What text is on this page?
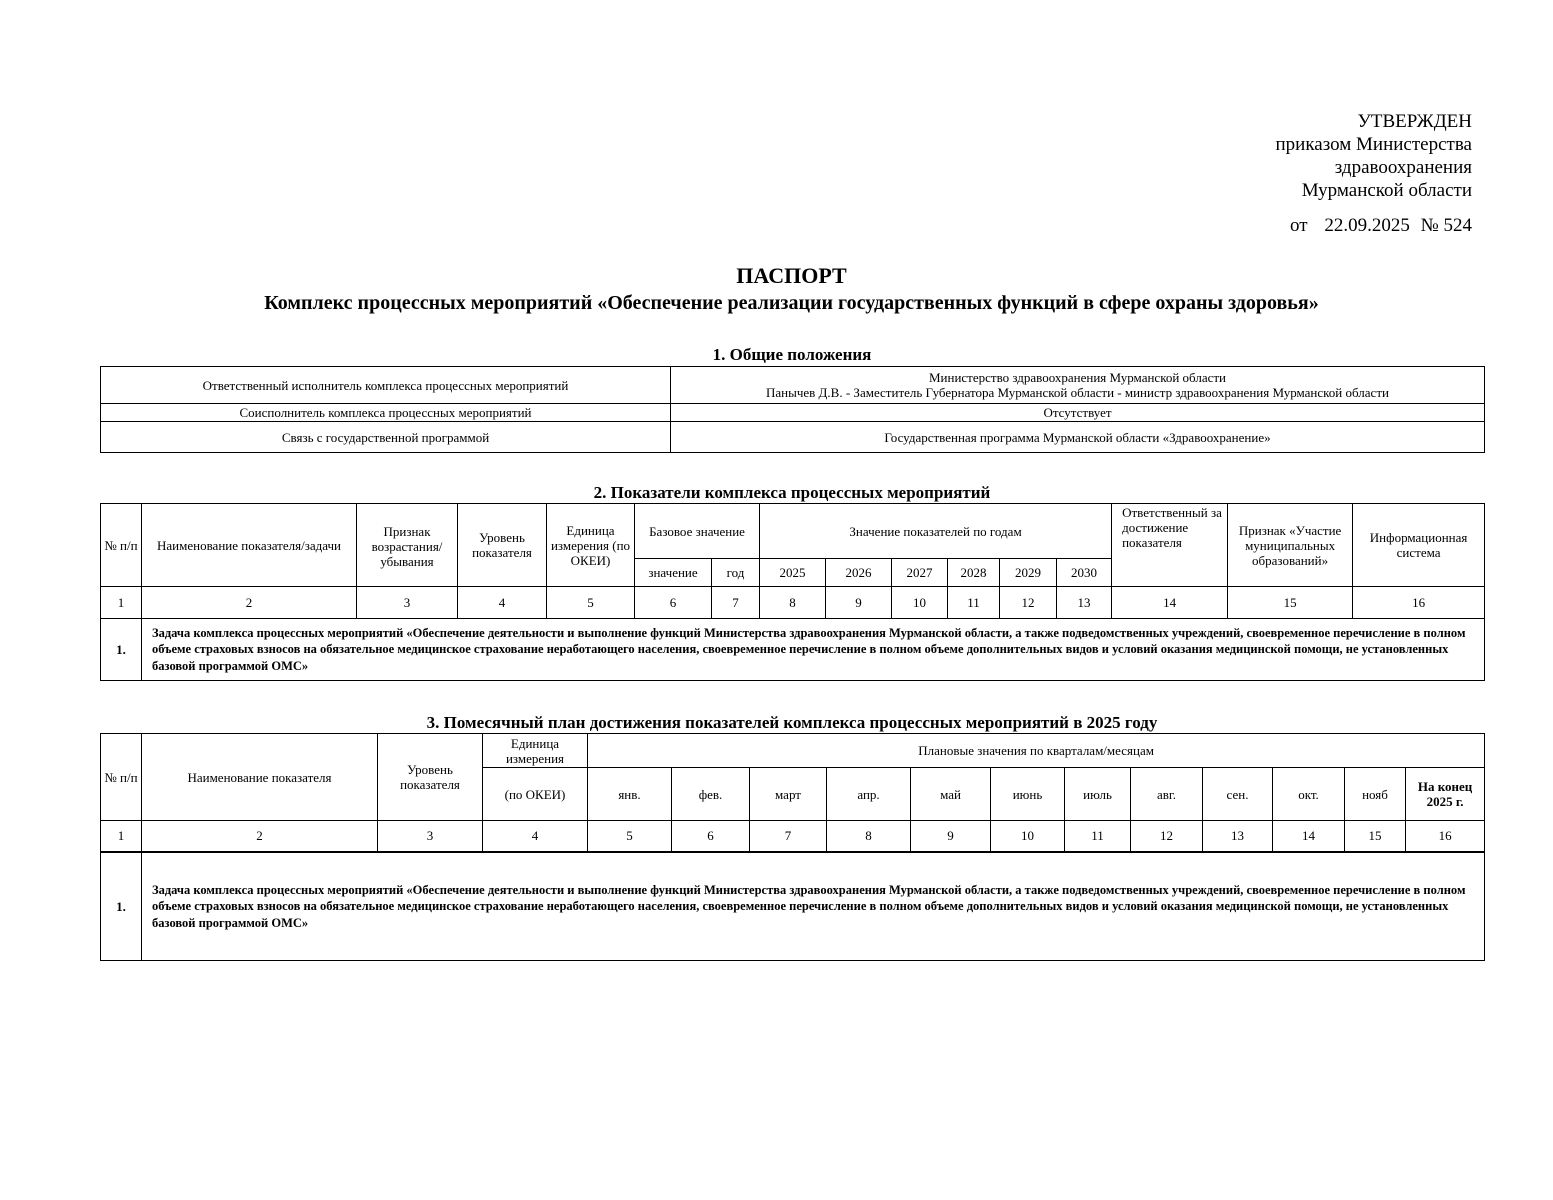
УТВЕРЖДЕН
приказом Министерства
здравоохранения
Мурманской области
от 22.09.2025 № 524
ПАСПОРТ
Комплекс процессных мероприятий «Обеспечение реализации государственных функций в сфере охраны здоровья»
1. Общие положения
Ответственный исполнитель комплекса процессных мероприятий	Министерство здравоохранения Мурманской области
Панычев Д.В. - Заместитель Губернатора Мурманской области - министр здравоохранения Мурманской области

Соисполнитель комплекса процессных мероприятий	Отсутствует
Связь с государственной программой	Государственная программа Мурманской области «Здравоохранение»
2. Показатели комплекса процессных мероприятий
№ п/п	Наименование показателя/задачи	Признак возрастания/ убывания	Уровень показателя	Единица измерения (по ОКЕИ)	Базовое значение		Значение показателей по годам						Ответственный за достижение показателя	Признак «Участие муниципальных образований»	Информационная система
					значение	год	2025	2026	2027	2028	2029	2030			
1	2	3	4	5	6	7	8	9	10	11	12	13	14	15	16
1.	Задача комплекса процессных мероприятий «Обеспечение деятельности и выполнение функций Министерства здравоохранения Мурманской области, а также подведомственных учреждений, своевременное перечисление в полном объеме страховых взносов на обязательное медицинское страхование неработающего населения, своевременное перечисление в полном объеме дополнительных видов и условий оказания медицинской помощи, не установленных базовой программой ОМС»														
3. Помесячный план достижения показателей комплекса процессных мероприятий в 2025 году
№ п/п	Наименование показателя	Уровень показателя	Единица измерения	Плановые значения по кварталам/месяцам											
			(по ОКЕИ)	янв.	фев.	март	апр.	май	июнь	июль	авг.	сен.	окт.	нояб	На конец 2025 г.
1	2	3	4	5	6	7	8	9	10	11	12	13	14	15	16
1.	Задача комплекса процессных мероприятий «Обеспечение деятельности и выполнение функций Министерства здравоохранения Мурманской области, а также подведомственных учреждений, своевременное перечисление в полном объеме страховых взносов на обязательное медицинское страхование неработающего населения, своевременное перечисление в полном объеме дополнительных видов и условий оказания медицинской помощи, не установленных базовой программой ОМС»														
